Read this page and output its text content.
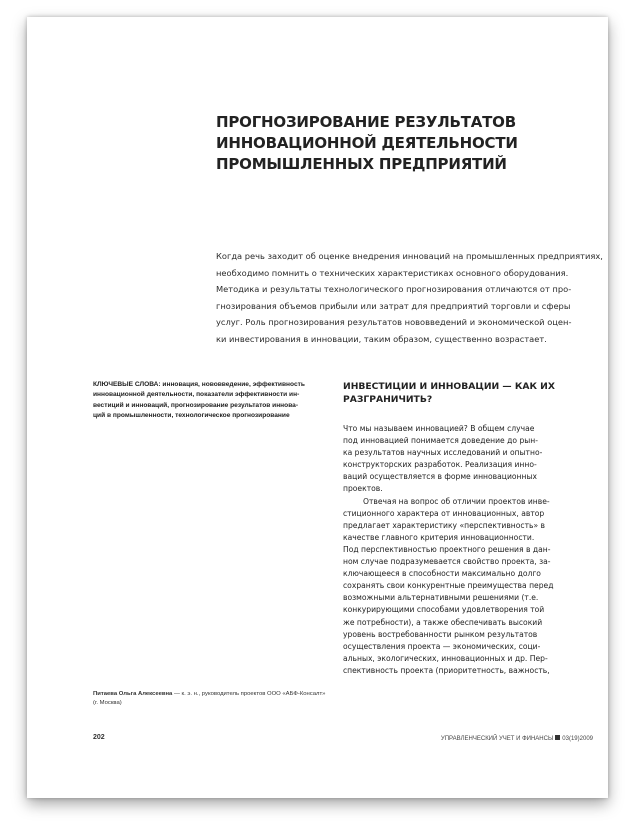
ПРОГНОЗИРОВАНИЕ РЕЗУЛЬТАТОВ
ИННОВАЦИОННОЙ ДЕЯТЕЛЬНОСТИ
ПРОМЫШЛЕННЫХ ПРЕДПРИЯТИЙ
Когда речь заходит об оценке внедрения инноваций на промышленных предприятиях,
необходимо помнить о технических характеристиках основного оборудования.
Методика и результаты технологического прогнозирования отличаются от про-
гнозирования объемов прибыли или затрат для предприятий торговли и сферы
услуг. Роль прогнозирования результатов нововведений и экономической оцен-
ки инвестирования в инновации, таким образом, существенно возрастает.
КЛЮЧЕВЫЕ СЛОВА: инновация, нововведение, эффективность
инновационной деятельности, показатели эффективности ин-
вестиций и инноваций, прогнозирование результатов иннова-
ций в промышленности, технологическое прогнозирование
ИНВЕСТИЦИИ И ИННОВАЦИИ — КАК ИХ
РАЗГРАНИЧИТЬ?
Что мы называем инновацией? В общем случае
под инновацией понимается доведение до рын-
ка результатов научных исследований и опытно-
конструкторских разработок. Реализация инно-
ваций осуществляется в форме инновационных
проектов.
Отвечая на вопрос об отличии проектов инве-
стиционного характера от инновационных, автор
предлагает характеристику «перспективность» в
качестве главного критерия инновационности.
Под перспективностью проектного решения в дан-
ном случае подразумевается свойство проекта, за-
ключающееся в способности максимально долго
сохранять свои конкурентные преимущества перед
возможными альтернативными решениями (т.е.
конкурирующими способами удовлетворения той
же потребности), а также обеспечивать высокий
уровень востребованности рынком результатов
осуществления проекта — экономических, соци-
альных, экологических, инновационных и др. Пер-
спективность проекта (приоритетность, важность,
Питаева Ольга Алексеевна — к. э. н., руководитель проектов ООО «АБФ-Консалт»
(г. Москва)
202	УПРАВЛЕНЧЕСКИЙ УЧЕТ И ФИНАНСЫ 03(19)2009
